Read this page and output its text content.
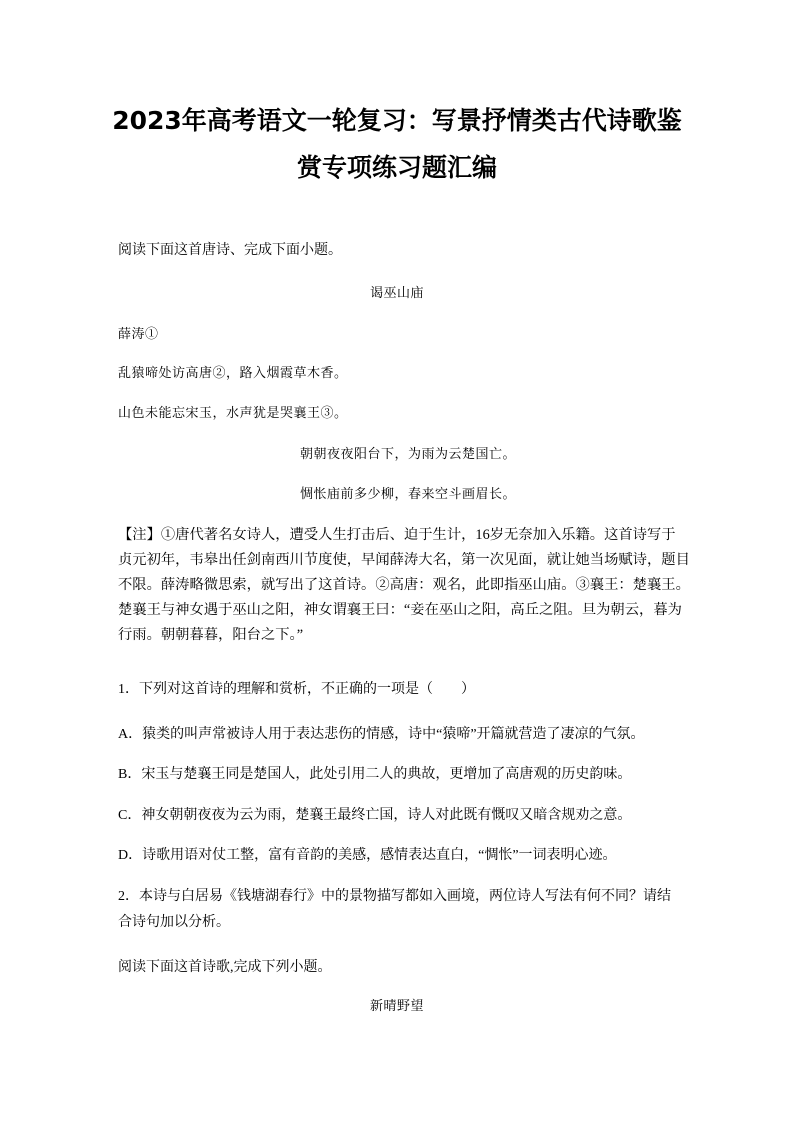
2023年高考语文一轮复习：写景抒情类古代诗歌鉴
赏专项练习题汇编
阅读下面这首唐诗、完成下面小题。
谒巫山庙
薛涛①
乱猿啼处访高唐②，路入烟霞草木香。
山色未能忘宋玉，水声犹是哭襄王③。
朝朝夜夜阳台下，为雨为云楚国亡。
惆怅庙前多少柳，春来空斗画眉长。
【注】①唐代著名女诗人，遭受人生打击后、迫于生计，16岁无奈加入乐籍。这首诗写于
贞元初年，韦皋出任剑南西川节度使，早闻薛涛大名，第一次见面，就让她当场赋诗，题目
不限。薛涛略微思索，就写出了这首诗。②高唐：观名，此即指巫山庙。③襄王：楚襄王。
楚襄王与神女遇于巫山之阳，神女谓襄王曰：“妾在巫山之阳，高丘之阻。旦为朝云，暮为
行雨。朝朝暮暮，阳台之下。”
1．下列对这首诗的理解和赏析，不正确的一项是（　　）
A．猿类的叫声常被诗人用于表达悲伤的情感，诗中“猿啼”开篇就营造了凄凉的气氛。
B．宋玉与楚襄王同是楚国人，此处引用二人的典故，更增加了高唐观的历史韵味。
C．神女朝朝夜夜为云为雨，楚襄王最终亡国，诗人对此既有慨叹又暗含规劝之意。
D．诗歌用语对仗工整，富有音韵的美感，感情表达直白，“惆怅”一词表明心迹。
2．本诗与白居易《钱塘湖春行》中的景物描写都如入画境，两位诗人写法有何不同？请结
合诗句加以分析。
阅读下面这首诗歌,完成下列小题。
新晴野望
